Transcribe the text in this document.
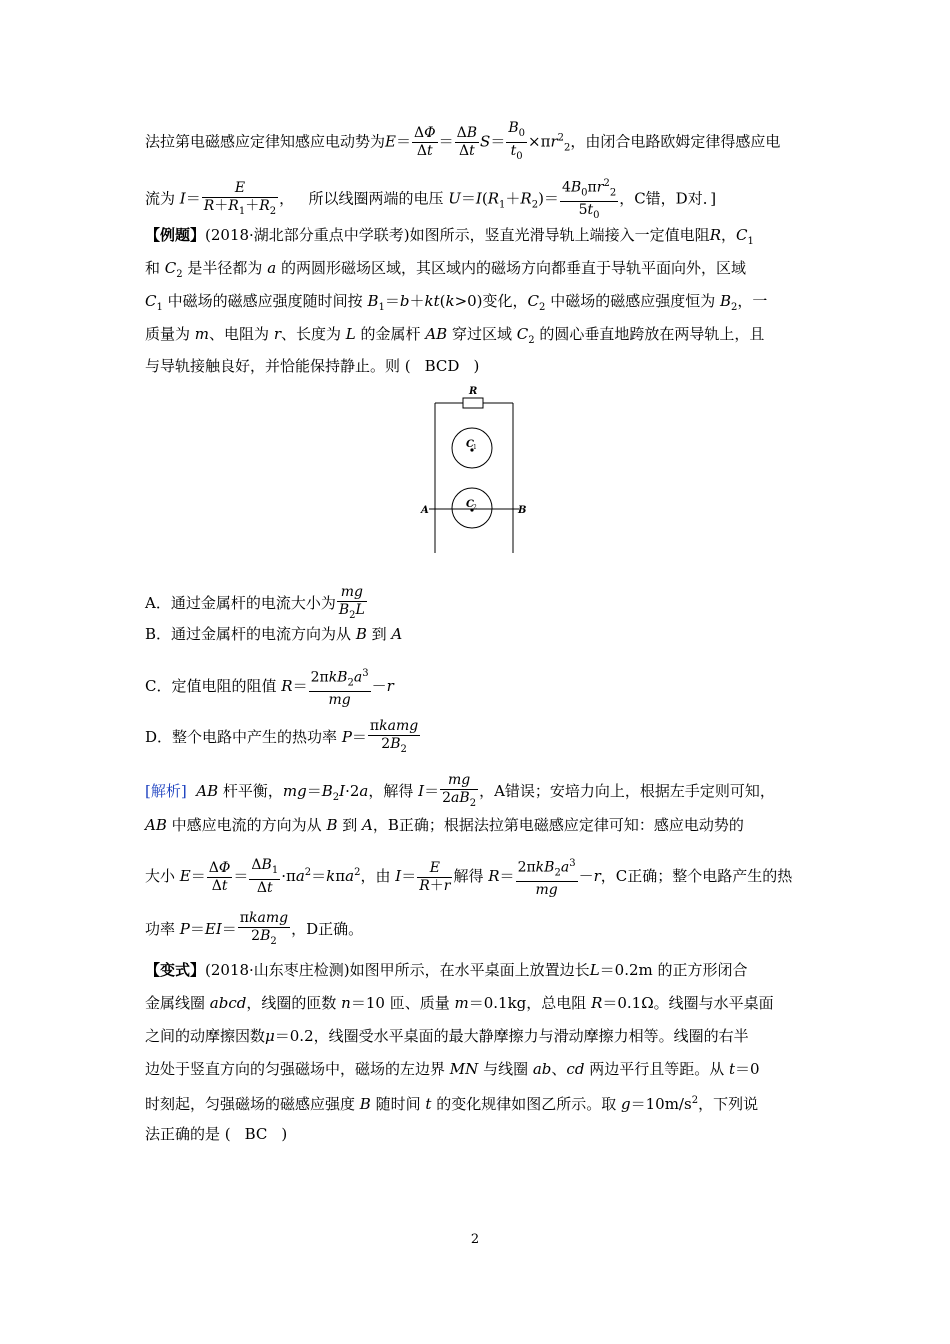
法拉第电磁感应定律知感应电动势为$E= \frac{\Delta\Phi}{\Delta t} = \frac{\Delta B}{\Delta t} S= \frac{B_0}{t_0} \times\pi r^2_2$，由闭合电路欧姆定律得感应电
流为 $I= \frac{E}{R+R_1+R_2}$ ，   所以线圈两端的电压 $U=I(R_1+R_2)= \frac{4B_0\pi r^2_2}{5t_0}$ ，C错，D对．]
【例题】(2018·湖北部分重点中学联考)如图所示，竖直光滑导轨上端接入一定值电阻R，$C_1$
和 $C_2$ 是半径都为 a 的两圆形磁场区域，其区域内的磁场方向都垂直于导轨平面向外，区域
$C_1$ 中磁场的磁感应强度随时间按 $B_1=b+kt(k>0)$变化，$C_2$ 中磁场的磁感应强度恒为 $B_2$，一
质量为 m、电阻为 r、长度为 L 的金属杆 AB 穿过区域 $C_2$ 的圆心垂直地跨放在两导轨上，且
与导轨接触良好，并恰能保持静止。则 ( BCD )
R
C 1
C 2
A	B
A．通过金属杆的电流大小为 $\frac{mg}{B_2L}$
B．通过金属杆的电流方向为从 B 到 A
C．定值电阻的阻值 $R= \frac{2\pi kB_2a^3}{mg} -r$
D．整个电路中产生的热功率 $P= \frac{\text{πkamg}}{2B_2}$
[解析] AB 杆平衡，$mg=B_2I\cdot 2a$，解得 $I= \frac{mg}{2aB_2}$ ，A错误；安培力向上，根据左手定则可知，
AB 中感应电流的方向为从 B 到 A，B正确；根据法拉第电磁感应定律可知：感应电动势的
大小 $E= \frac{\Delta\Phi}{\Delta t} = \frac{\Delta B_1}{\Delta t} \cdot\pi a^2=k\pi a^2$，由 $I= \frac{E}{R+r}$ 解得 $R= \frac{2\pi kB_2a^3}{mg} -r$，C正确；整个电路产生的热
功率 $P=EI= \frac{\text{πkamg}}{2B_2}$ ，D正确。
【变式】(2018·山东枣庄检测)如图甲所示，在水平桌面上放置边长L＝0.2m 的正方形闭合
金属线圈 abcd，线圈的匝数 n＝10 匝、质量 m＝0.1kg，总电阻 R＝0.1Ω。线圈与水平桌面
之间的动摩擦因数μ＝0.2，线圈受水平桌面的最大静摩擦力与滑动摩擦力相等。线圈的右半
边处于竖直方向的匀强磁场中，磁场的左边界 MN 与线圈 ab、cd 两边平行且等距。从 t＝0
时刻起，匀强磁场的磁感应强度 B 随时间 t 的变化规律如图乙所示。取 $g=10m/s^2$，下列说
法正确的是 ( BC )
2
